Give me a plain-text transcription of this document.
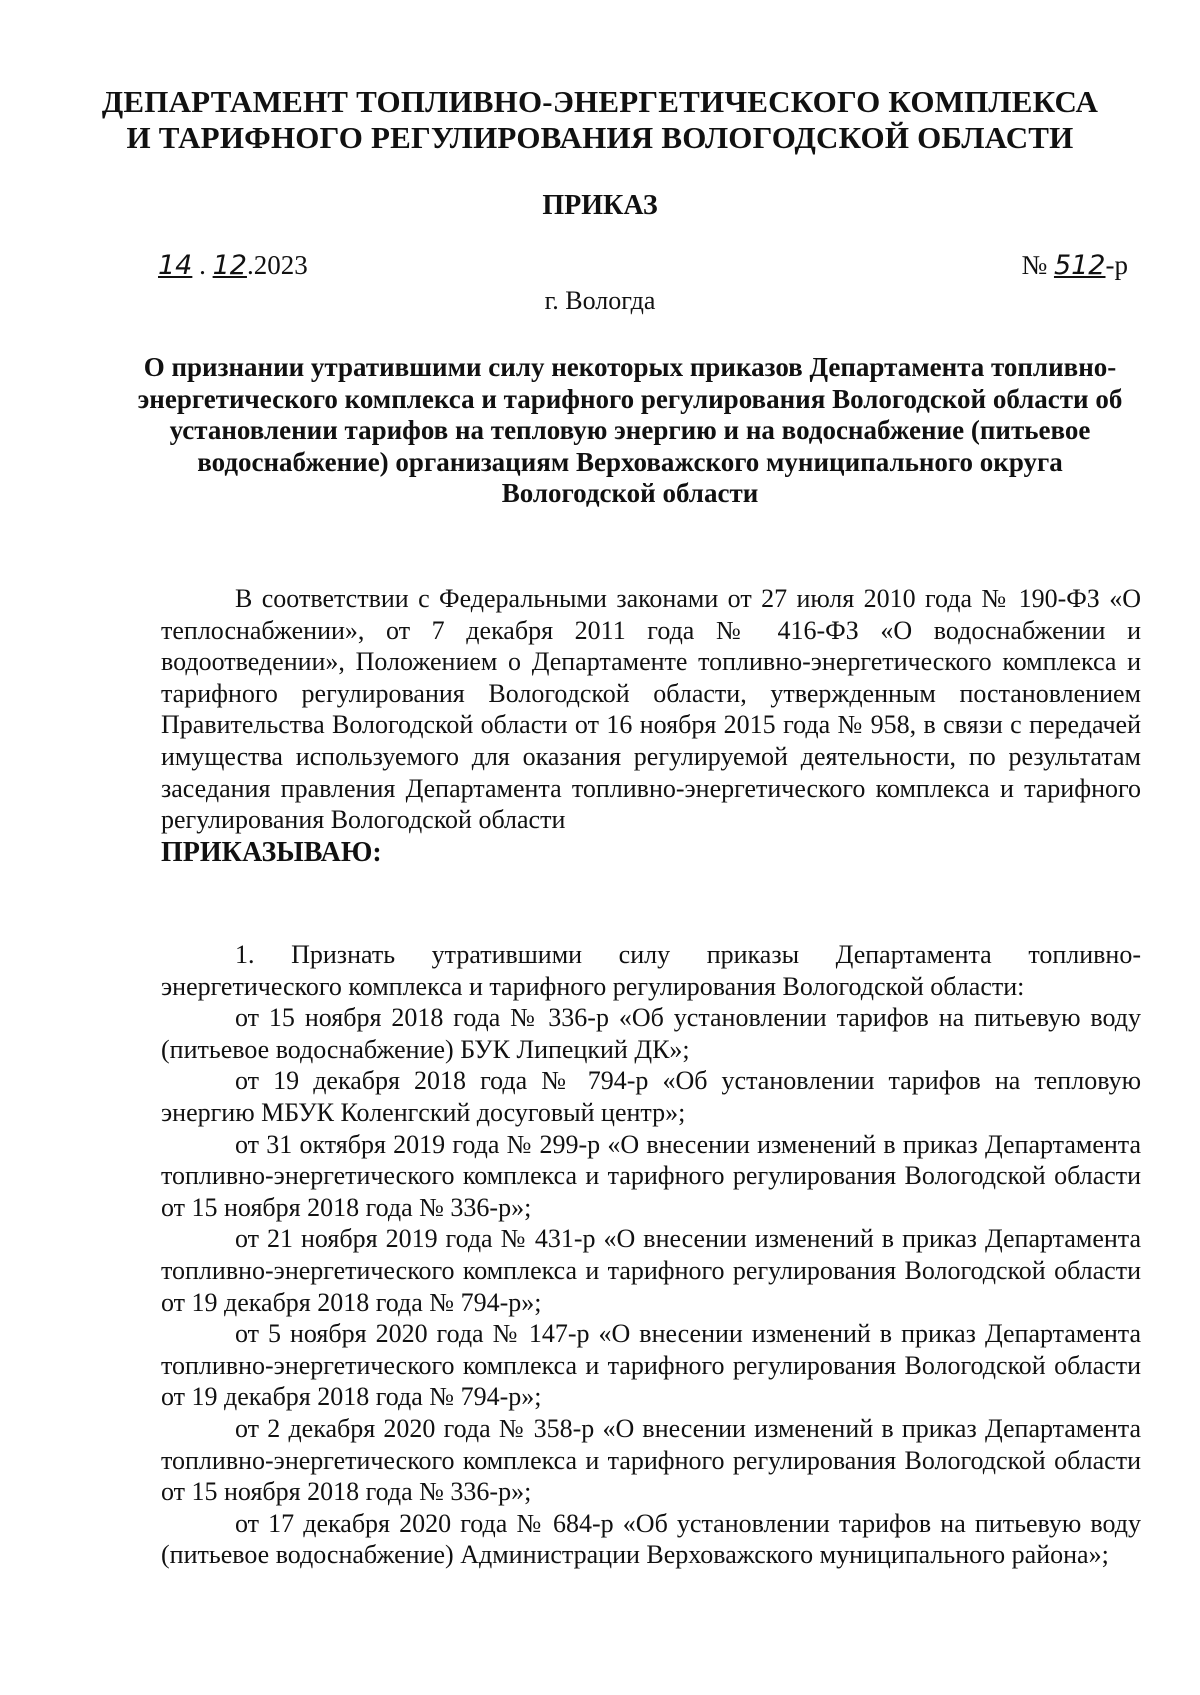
ДЕПАРТАМЕНТ ТОПЛИВНО-ЭНЕРГЕТИЧЕСКОГО КОМПЛЕКСА
И ТАРИФНОГО РЕГУЛИРОВАНИЯ ВОЛОГОДСКОЙ ОБЛАСТИ
ПРИКАЗ
14 . 12.2023	№ 512-р
г. Вологда
О признании утратившими силу некоторых приказов Департамента топливно-энергетического комплекса и тарифного регулирования Вологодской области об установлении тарифов на тепловую энергию и на водоснабжение (питьевое водоснабжение) организациям Верховажского муниципального округа Вологодской области

В соответствии с Федеральными законами от 27 июля 2010 года № 190-ФЗ «О теплоснабжении», от 7 декабря 2011 года № 416-ФЗ «О водоснабжении и водоотведении», Положением о Департаменте топливно-энергетического комплекса и тарифного регулирования Вологодской области, утвержденным постановлением Правительства Вологодской области от 16 ноября 2015 года № 958, в связи с передачей имущества используемого для оказания регулируемой деятельности, по результатам заседания правления Департамента топливно-энергетического комплекса и тарифного регулирования Вологодской области

ПРИКАЗЫВАЮ:

1. Признать утратившими силу приказы Департамента топливно-энергетического комплекса и тарифного регулирования Вологодской области:

от 15 ноября 2018 года № 336-р «Об установлении тарифов на питьевую воду (питьевое водоснабжение) БУК Липецкий ДК»;

от 19 декабря 2018 года № 794-р «Об установлении тарифов на тепловую энергию МБУК Коленгский досуговый центр»;

от 31 октября 2019 года № 299-р «О внесении изменений в приказ Департамента топливно-энергетического комплекса и тарифного регулирования Вологодской области от 15 ноября 2018 года № 336-р»;

от 21 ноября 2019 года № 431-р «О внесении изменений в приказ Департамента топливно-энергетического комплекса и тарифного регулирования Вологодской области от 19 декабря 2018 года № 794-р»;

от 5 ноября 2020 года № 147-р «О внесении изменений в приказ Департамента топливно-энергетического комплекса и тарифного регулирования Вологодской области от 19 декабря 2018 года № 794-р»;

от 2 декабря 2020 года № 358-р «О внесении изменений в приказ Департамента топливно-энергетического комплекса и тарифного регулирования Вологодской области от 15 ноября 2018 года № 336-р»;

от 17 декабря 2020 года № 684-р «Об установлении тарифов на питьевую воду (питьевое водоснабжение) Администрации Верховажского муниципального района»;
